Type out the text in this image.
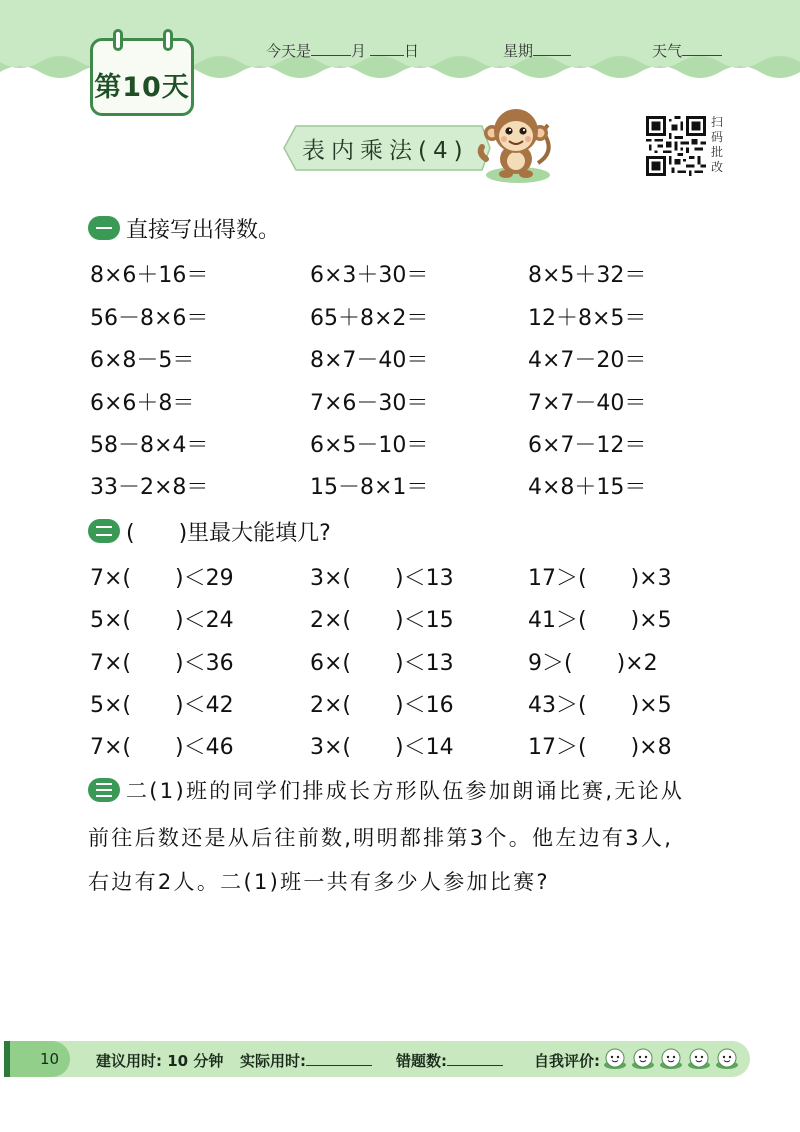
第10天
今天是	月	日	星期	天气
表内乘法(4)
扫码批改
直接写出得数。
8×6＋16＝	6×3＋30＝	8×5＋32＝
56－8×6＝	65＋8×2＝	12＋8×5＝
6×8－5＝	8×7－40＝	4×7－20＝
6×6＋8＝	7×6－30＝	7×7－40＝
58－8×4＝	6×5－10＝	6×7－12＝
33－2×8＝	15－8×1＝	4×8＋15＝
(　　)里最大能填几?
7×(　　)＜29	3×(　　)＜13	17＞(　　)×3
5×(　　)＜24	2×(　　)＜15	41＞(　　)×5
7×(　　)＜36	6×(　　)＜13	9＞(　　)×2
5×(　　)＜42	2×(　　)＜16	43＞(　　)×5
7×(　　)＜46	3×(　　)＜14	17＞(　　)×8
二(1)班的同学们排成长方形队伍参加朗诵比赛,无论从
前往后数还是从后往前数,明明都排第3个。他左边有3人,
右边有2人。二(1)班一共有多少人参加比赛?
10 建议用时: 10 分钟 实际用时:	错题数:	自我评价:
